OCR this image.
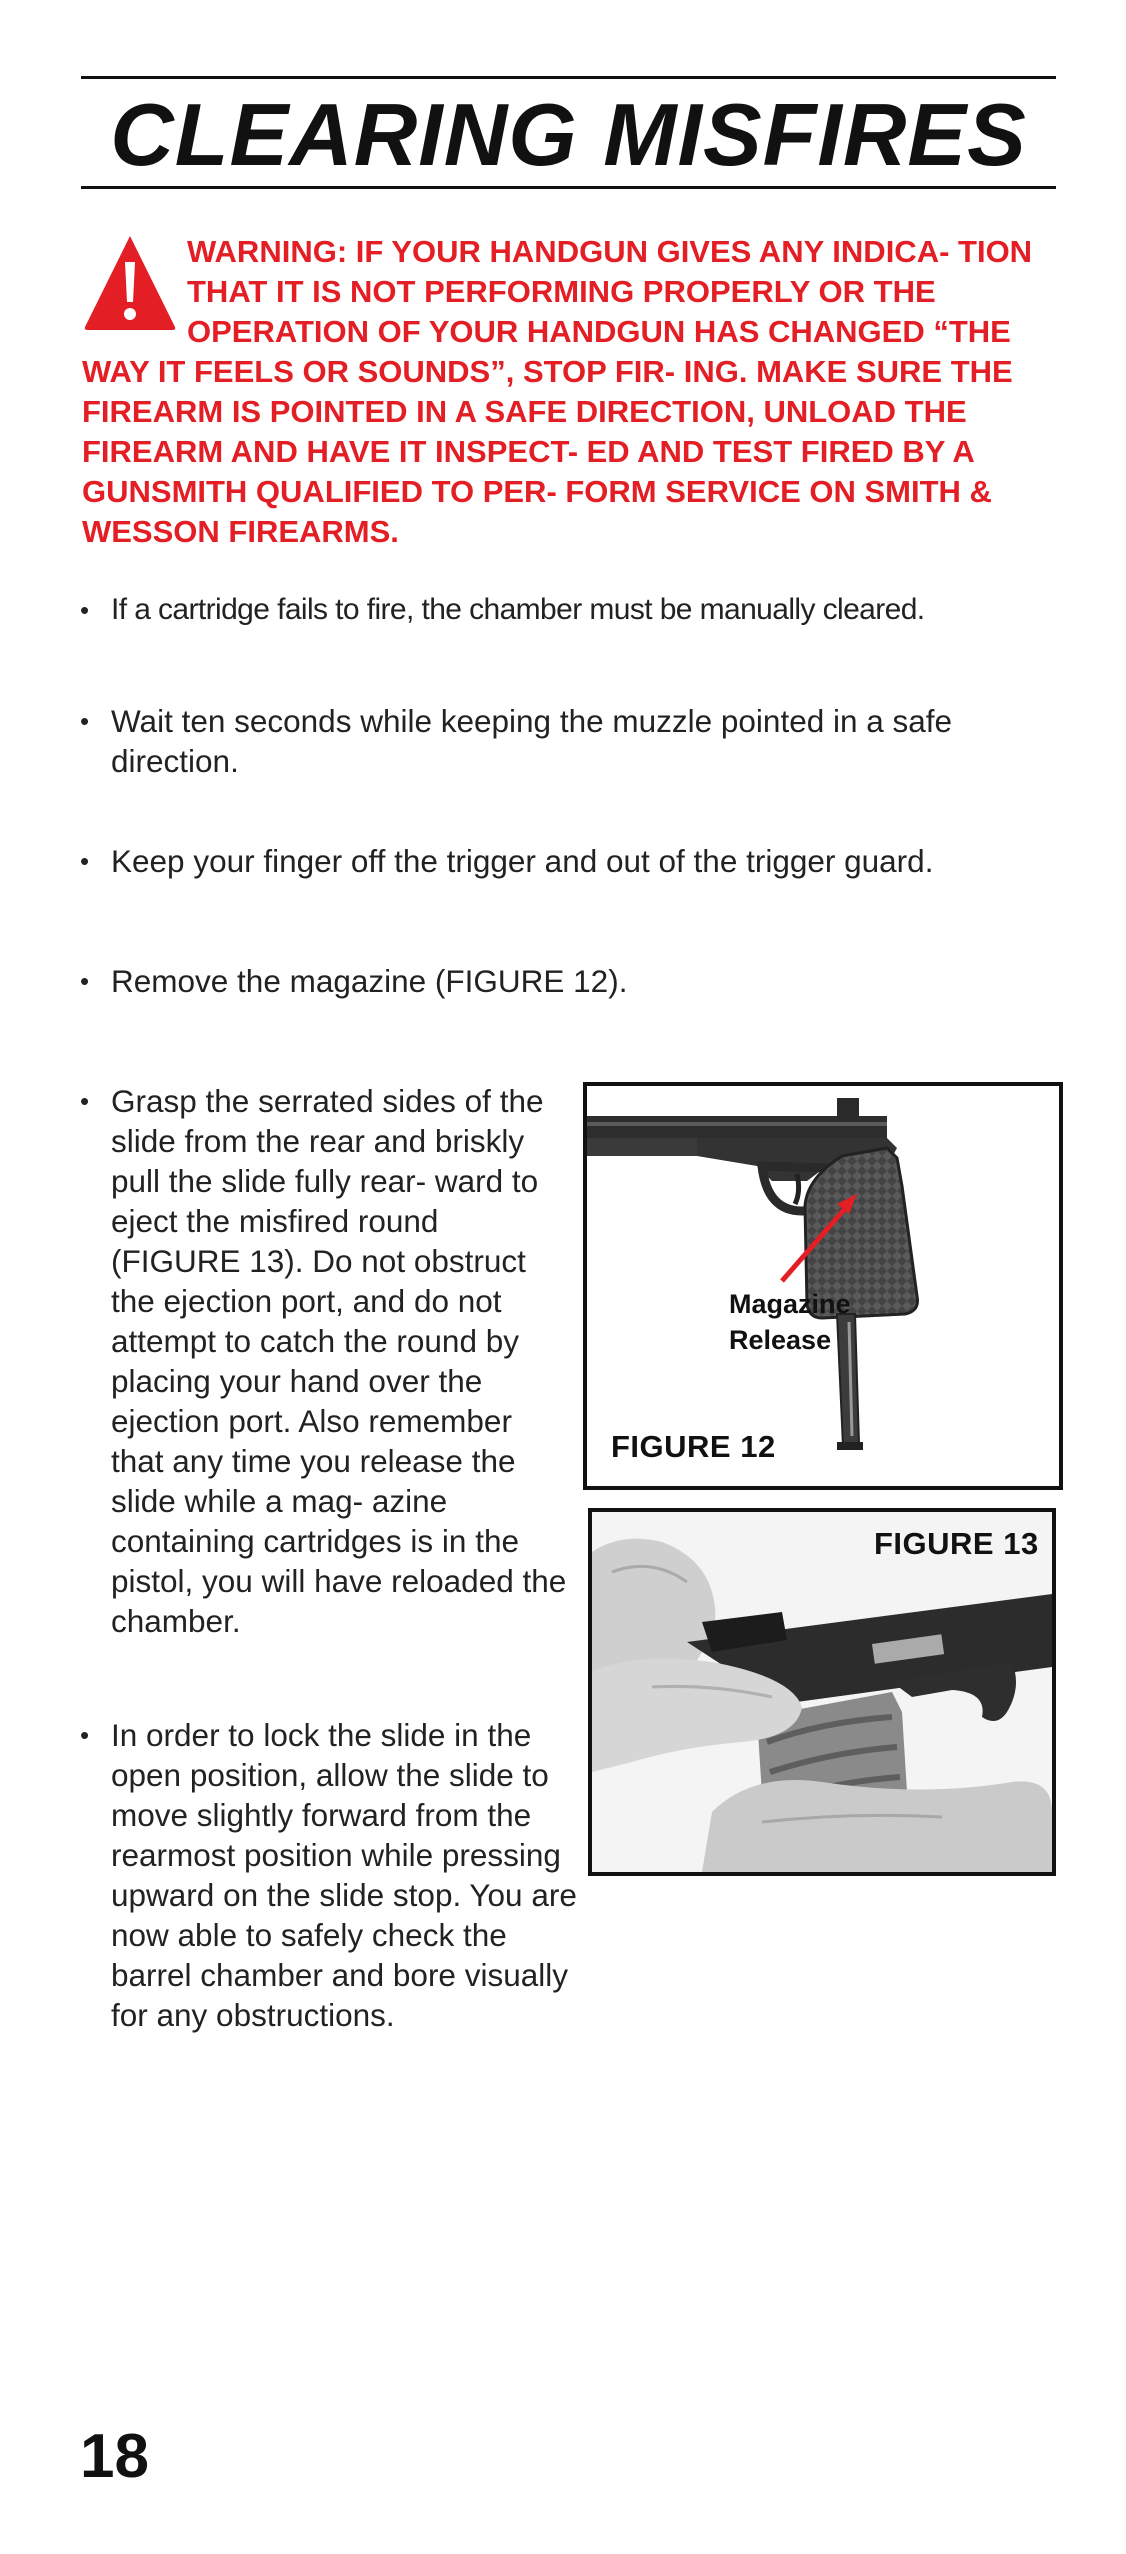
CLEARING MISFIRES

WARNING: IF YOUR HANDGUN GIVES ANY INDICA- TION THAT IT IS NOT PERFORMING PROPERLY OR THE OPERATION OF YOUR HANDGUN HAS CHANGED “THE WAY IT FEELS OR SOUNDS”, STOP FIR- ING. MAKE SURE THE FIREARM IS POINTED IN A SAFE DIRECTION, UNLOAD THE FIREARM AND HAVE IT INSPECT- ED AND TEST FIRED BY A GUNSMITH QUALIFIED TO PER- FORM SERVICE ON SMITH & WESSON FIREARMS.

• If a cartridge fails to fire, the chamber must be manually cleared.
• Wait ten seconds while keeping the muzzle pointed in a safe direction.
• Keep your finger off the trigger and out of the trigger guard.
• Remove the magazine (FIGURE 12).
• Grasp the serrated sides of the slide from the rear and briskly pull the slide fully rear- ward to eject the misfired round (FIGURE 13). Do not obstruct the ejection port, and do not attempt to catch the round by placing your hand over the ejection port. Also remember that any time you release the slide while a mag- azine containing cartridges is in the pistol, you will have reloaded the chamber.
• In order to lock the slide in the open position, allow the slide to move slightly forward from the rearmost position while pressing upward on the slide stop. You are now able to safely check the barrel chamber and bore visually for any obstructions.
Magazine Release
FIGURE 12
FIGURE 13
18
